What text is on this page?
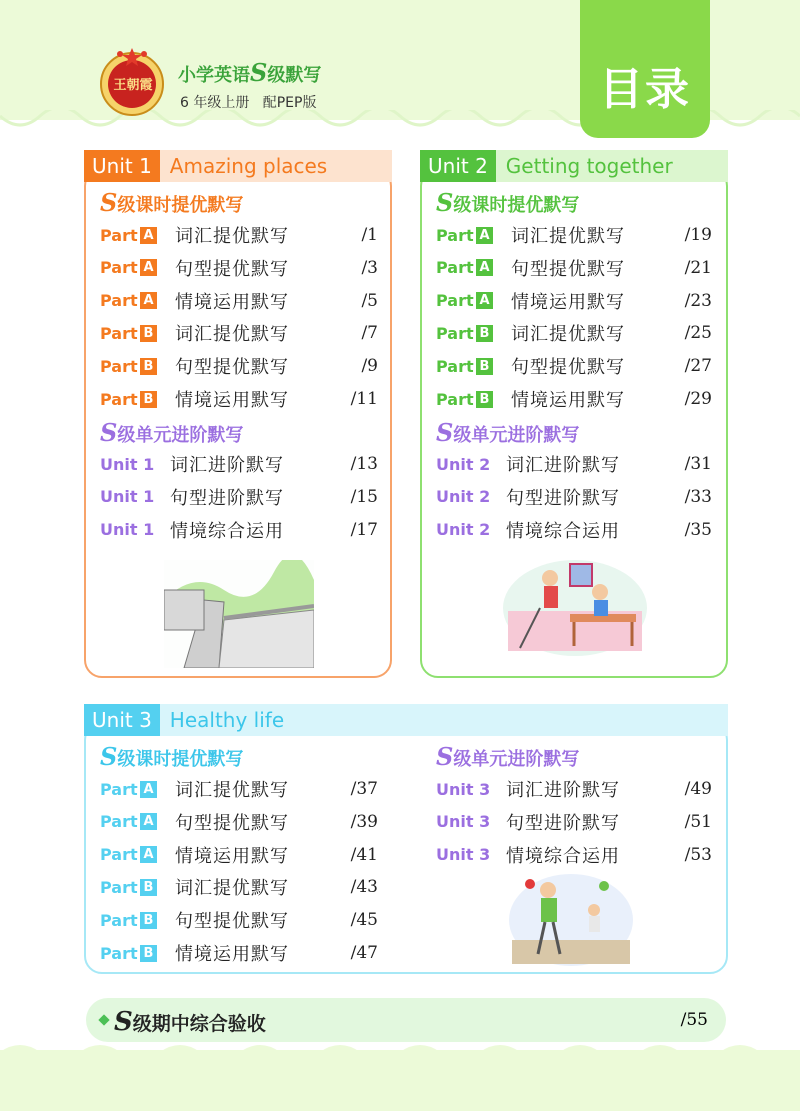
王朝霞	小学英语S级默写
6 年级上册   配PEP版	目录
Unit 1 Amazing places
S级课时提优默写
Part A 词汇提优默写	/1
Part A 句型提优默写	/3
Part A 情境运用默写	/5
Part B 词汇提优默写	/7
Part B 句型提优默写	/9
Part B 情境运用默写	/11
S级单元进阶默写
Unit 1 词汇进阶默写	/13
Unit 1 句型进阶默写	/15
Unit 1 情境综合运用	/17
Unit 2 Getting together
S级课时提优默写
Part A 词汇提优默写	/19
Part A 句型提优默写	/21
Part A 情境运用默写	/23
Part B 词汇提优默写	/25
Part B 句型提优默写	/27
Part B 情境运用默写	/29
S级单元进阶默写
Unit 2 词汇进阶默写	/31
Unit 2 句型进阶默写	/33
Unit 2 情境综合运用	/35
Unit 3 Healthy life
S级课时提优默写
Part A 词汇提优默写	/37
Part A 句型提优默写	/39
Part A 情境运用默写	/41
Part B 词汇提优默写	/43
Part B 句型提优默写	/45
Part B 情境运用默写	/47
S级单元进阶默写
Unit 3 词汇进阶默写	/49
Unit 3 句型进阶默写	/51
Unit 3 情境综合运用	/53
S级期中综合验收	/55
